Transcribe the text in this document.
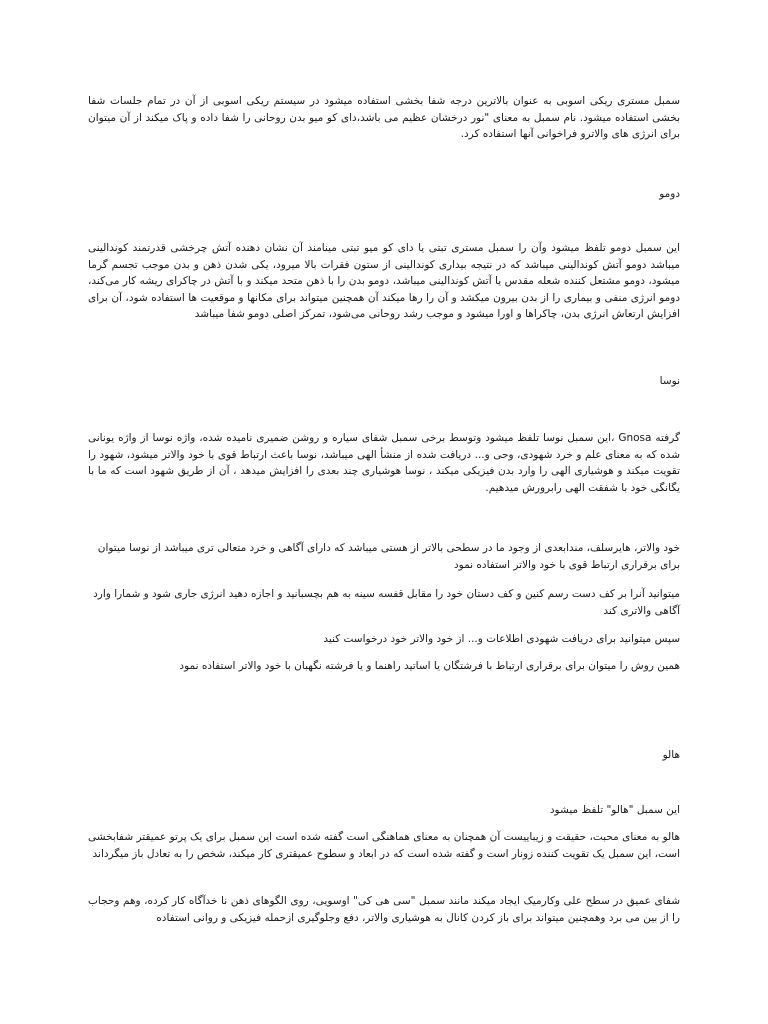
سمبل مستری ریکی اسوبی به عنوان بالاترین درجه شفا بخشی استفاده میشود در سیستم ریکی اسوبی از آن در تمام جلسات شفا بخشی استفاده میشود. نام سمبل به معنای "نور درخشان عظیم می باشد،دای کو میو بدن روحانی را شفا داده و پاک میکند از آن میتوان برای انرژی های والاترو فراخوانی آنها استفاده کرد.
دومو
این سمبل دومو تلفظ میشود وآن را سمبل مستری تبتی یا دای کو میو تبتی مینامند آن نشان دهنده آتش چرخشی قدرتمند کوندالینی میباشد دومو آتش کوندالینی میباشد که در نتیجه بیداری کوندالینی از ستون فقرات بالا میرود، یکی شدن ذهن و بدن موجب تجسم گرما میشود، دومو مشتعل کننده شعله مقدس یا آتش کوندالینی میباشد، دومو بدن را با ذهن متحد میکند و با آتش در چاکرای ریشه کار می‌کند، دومو انرژی منفی و بیماری را از بدن بیرون میکشد و آن را رها میکند آن همچنین میتواند برای مکانها و موقعیت ها استفاده شود، آن برای افزایش ارتعاش انرژی بدن، چاکراها و اورا میشود و موجب رشد روحانی می‌شود، تمرکز اصلی دومو شفا میباشد
نوسا
گرفته Gnosa ،این سمبل نوسا تلفظ میشود وتوسط برخی سمبل شفای سیاره و روشن ضمیری نامیده شده، واژه نوسا از واژه یونانی شده که به معنای علم و خرد شهودی، وحی و... دریافت شده از منشأ الهی میباشد، نوسا باعث ارتباط قوی با خود والاتر میشود، شهود را تقویت میکند و هوشیاری الهی را وارد بدن فیزیکی میکند ، نوسا هوشیاری چند بعدی را افزایش میدهد ، آن از طریق شهود است که ما با یگانگی خود با شفقت الهی رابرورش میدهیم.
خود والاتر، هایرسلف، مندابعدی از وجود ما در سطحی بالاتر از هستی میباشد که دارای آگاهی و خرد متعالی تری میباشد از نوسا میتوان برای برقراری ارتباط قوی با خود والاتر استفاده نمود
میتوانید آنرا بر کف دست رسم کنین و کف دستان خود را مقابل قفسه سینه به هم بچسبانید و اجازه دهید انرژی جاری شود و شمارا وارد آگاهی والاتری کند
سپس میتوانید برای دریافت شهودی اطلاعات و... از خود والاتر خود درخواست کنید
همین روش را میتوان برای برقراری ارتباط با فرشتگان یا اساتید راهنما و یا فرشته نگهبان با خود والاتر استفاده نمود
هالو
این سمبل "هالو" تلفظ میشود
هالو به معنای محبت، حقیقت و زیباییست آن همچنان به معنای هماهنگی است گفته شده است این سمبل برای یک پرتو عمیقتر شفابخشی است، این سمبل یک تقویت کننده زونار است و گفته شده است که در ابعاد و سطوح عمیقتری کار میکند، شخص را به تعادل باز میگرداند
شفای عمیق در سطح علی وکارمیک ایجاد میکند مانند سمبل "سی هی کی" اوسویی، روی الگوهای ذهن نا خدآگاه کار کرده، وهم وحجاب را از بین می برد وهمچنین میتواند برای باز کردن کانال به هوشیاری والاتر، دفع وجلوگیری ازحمله فیزیکی و روانی استفاده
